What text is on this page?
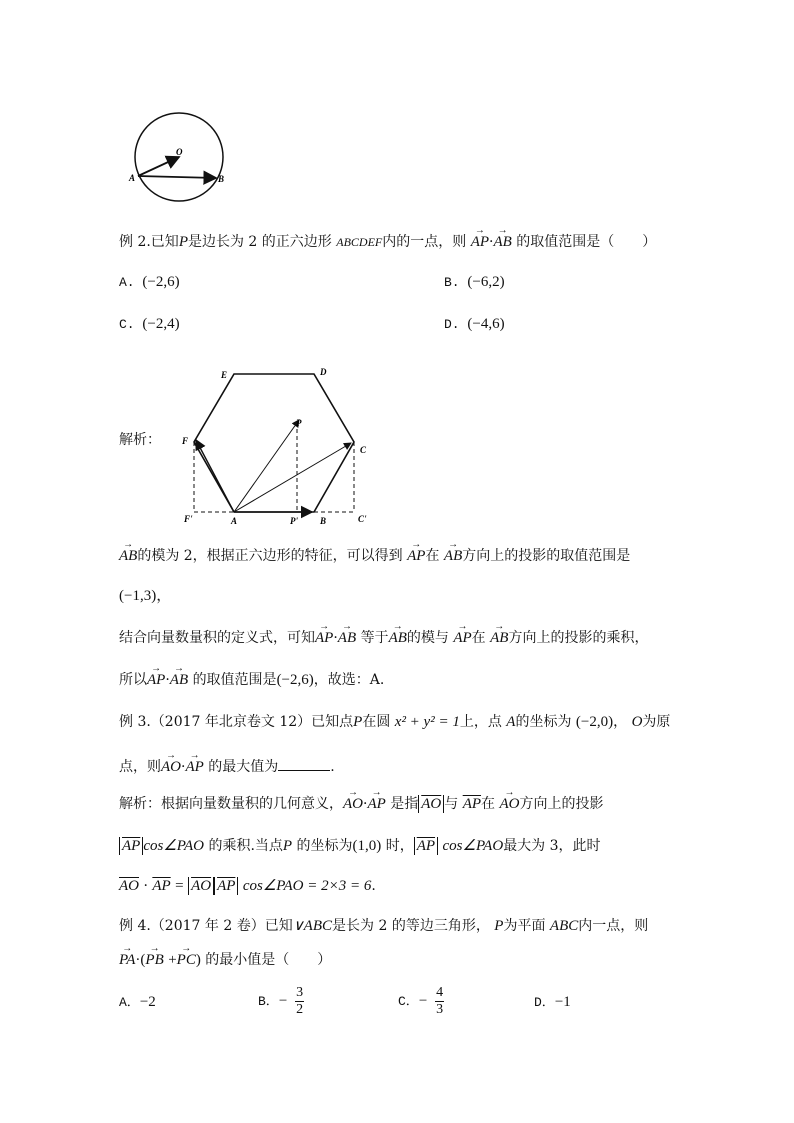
O
A	B
例 2.已知P是边长为 2 的正六边形 ABCDEF内的一点，则 → AP·→ AB 的取值范围是（　　）
A. (−2,6)	B. (−6,2)
C. (−2,4)	D. (−4,6)
解析：
E	D
F
C
P
F'	A	P' B	C'
→ AB的模为 2，根据正六边形的特征，可以得到 → AP在 → AB方向上的投影的取值范围是
(−1,3)，
结合向量数量积的定义式，可知→ AP·→ AB 等于→ AB的模与 → AP在 → AB方向上的投影的乘积，
所以→ AP·→ AB 的取值范围是(−2,6)，故选：A.
例 3.（2017 年北京卷文 12）已知点P在圆 x² + y² = 1上，点 A的坐标为 (−2,0)， O为原
点，则→ AO·→ AP 的最大值为	.
解析：根据向量数量积的几何意义，→ AO·→ AP 是指 $\overline{AO}$ 与 $\overline{AP}$在 → AO方向上的投影
$\overline{AP}$ cos∠PAO 的乘积.当点P 的坐标为(1,0) 时， $\overline{AP}$ cos∠PAO最大为 3，此时
$\overline{AO} \cdot \overline{AP} = \overline{AO}$ $\overline{AP}$ cos∠PAO = 2×3 = 6.
例 4.（2017 年 2 卷）已知∨ABC是长为 2 的等边三角形， P为平面 ABC内一点，则
→ PA·(→ PB +→ PC) 的最小值是（　　）
A．−2	B．− $\frac{3}{2}$	C．− $\frac{4}{3}$	D．−1
